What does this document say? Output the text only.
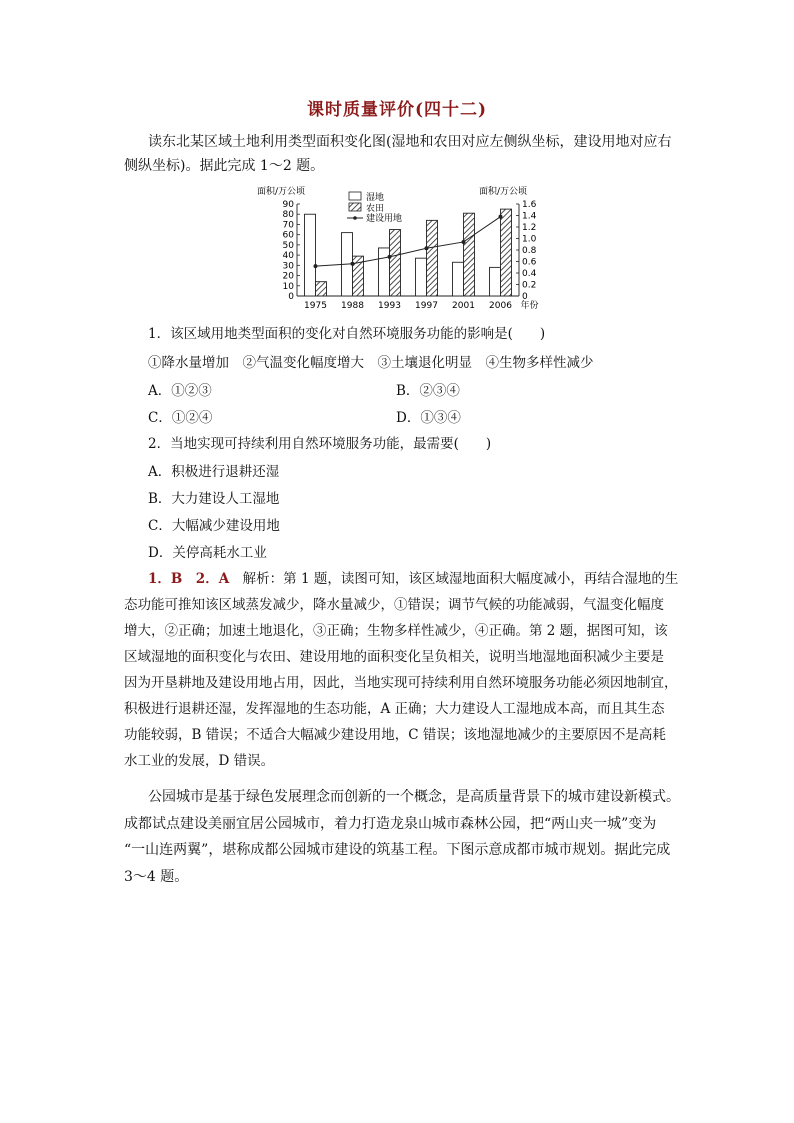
课时质量评价(四十二)
读东北某区域土地利用类型面积变化图(湿地和农田对应左侧纵坐标，建设用地对应右
侧纵坐标)。据此完成 1～2 题。
面积/万公顷	面积/万公顷
湿地
农田
建设用地
0
10
20
30
40
50
60
70
80
90
0
0.2
0.4
0.6
0.8
1.0
1.2
1.4
1.6
1975 1988 1993 1997 2001 2006 年份
1．该区域用地类型面积的变化对自然环境服务功能的影响是(　　)
①降水量增加　②气温变化幅度增大　③土壤退化明显　④生物多样性减少
A．①②③	B．②③④
C．①②④	D．①③④
2．当地实现可持续利用自然环境服务功能，最需要(　　)
A．积极进行退耕还湿
B．大力建设人工湿地
C．大幅减少建设用地
D．关停高耗水工业
1．B　2．A  解析：第 1 题，读图可知，该区域湿地面积大幅度减小，再结合湿地的生
态功能可推知该区域蒸发减少，降水量减少，①错误；调节气候的功能减弱，气温变化幅度
增大，②正确；加速土地退化，③正确；生物多样性减少，④正确。第 2 题，据图可知，该
区域湿地的面积变化与农田、建设用地的面积变化呈负相关，说明当地湿地面积减少主要是
因为开垦耕地及建设用地占用，因此，当地实现可持续利用自然环境服务功能必须因地制宜，
积极进行退耕还湿，发挥湿地的生态功能，A 正确；大力建设人工湿地成本高，而且其生态
功能较弱，B 错误；不适合大幅减少建设用地，C 错误；该地湿地减少的主要原因不是高耗
水工业的发展，D 错误。
公园城市是基于绿色发展理念而创新的一个概念，是高质量背景下的城市建设新模式。
成都试点建设美丽宜居公园城市，着力打造龙泉山城市森林公园，把“两山夹一城”变为
“一山连两翼”，堪称成都公园城市建设的筑基工程。下图示意成都市城市规划。据此完成
3～4 题。
